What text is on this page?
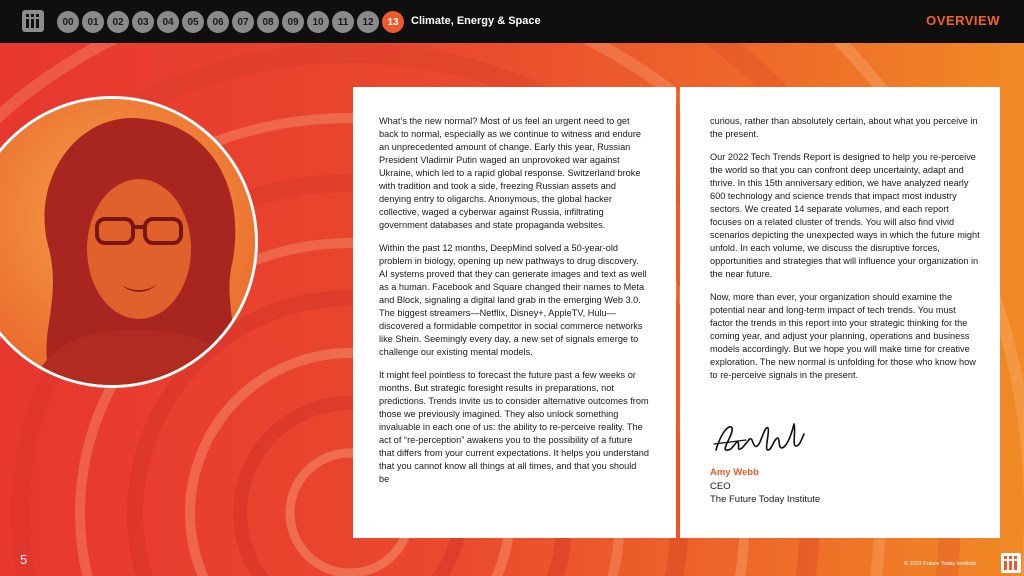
00	01	02	03	04	05	06	07	08	09	10	11	12	13	Climate, Energy & Space	OVERVIEW

What’s the new normal? Most of us feel an urgent need to get back to normal, especially as we continue to witness and endure an unprecedented amount of change. Early this year, Russian President Vladimir Putin waged an unprovoked war against Ukraine, which led to a rapid global response. Switzerland broke with tradition and took a side, freezing Russian assets and denying entry to oligarchs. Anonymous, the global hacker collective, waged a cyberwar against Russia, infiltrating government databases and state propaganda websites.

Within the past 12 months, DeepMind solved a 50-year-old problem in biology, opening up new pathways to drug discovery. AI systems proved that they can generate images and text as well as a human. Facebook and Square changed their names to Meta and Block, signaling a digital land grab in the emerging Web 3.0. The biggest streamers—Netflix, Disney+, AppleTV, Hulu—discovered a formidable competitor in social commerce networks like Shein. Seemingly every day, a new set of signals emerge to challenge our existing mental models.

It might feel pointless to forecast the future past a few weeks or months. But strategic foresight results in preparations, not predictions. Trends invite us to consider alternative outcomes from those we previously imagined. They also unlock something invaluable in each one of us: the ability to re-perceive reality. The act of “re-perception” awakens you to the possibility of a future that differs from your current expectations. It helps you understand that you cannot know all things at all times, and that you should be

curious, rather than absolutely certain, about what you perceive in the present.

Our 2022 Tech Trends Report is designed to help you re-perceive the world so that you can confront deep uncertainty, adapt and thrive. In this 15th anniversary edition, we have analyzed nearly 600 technology and science trends that impact most industry sectors. We created 14 separate volumes, and each report focuses on a related cluster of trends. You will also find vivid scenarios depicting the unexpected ways in which the future might unfold. In each volume, we discuss the disruptive forces, opportunities and strategies that will influence your organization in the near future.

Now, more than ever, your organization should examine the potential near and long-term impact of tech trends. You must factor the trends in this report into your strategic thinking for the coming year, and adjust your planning, operations and business models accordingly. But we hope you will make time for creative exploration. The new normal is unfolding for those who know how to re-perceive signals in the present.

Amy Webb
CEO
The Future Today Institute
5	© 2022 Future Today Institute
